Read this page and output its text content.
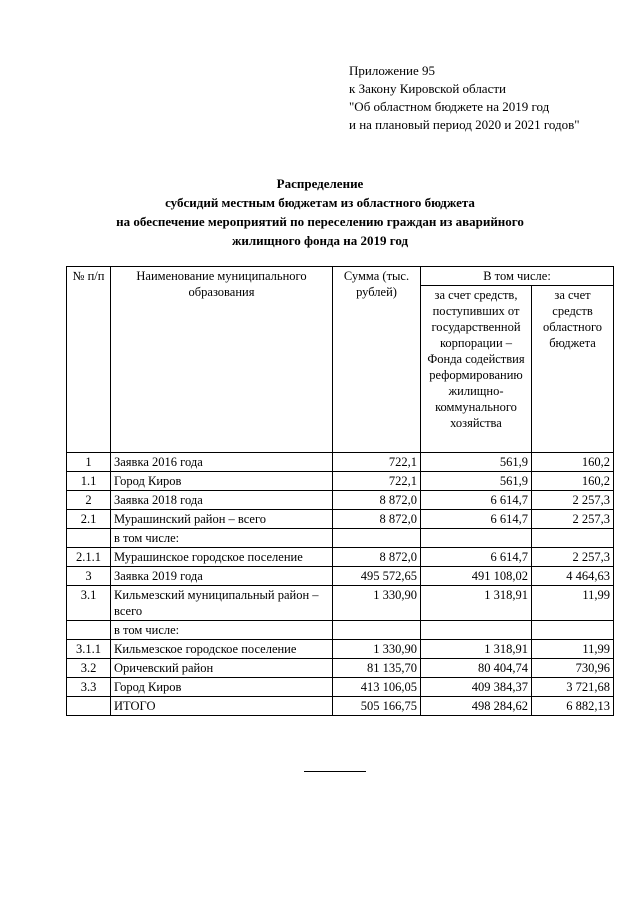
Приложение 95
к Закону Кировской области
"Об областном бюджете на 2019 год
и на плановый период 2020 и 2021 годов"
Распределение
субсидий местным бюджетам из областного бюджета
на обеспечение мероприятий по переселению граждан из аварийного
жилищного фонда на 2019 год
№ п/п	Наименование муниципального образования	Сумма (тыс. рублей)	В том числе:	
			за счет средств, поступивших от государственной корпорации – Фонда содействия реформированию жилищно-коммунального хозяйства	за счет средств областного бюджета
1	Заявка 2016 года	722,1	561,9	160,2
1.1	Город Киров	722,1	561,9	160,2
2	Заявка 2018 года	8 872,0	6 614,7	2 257,3
2.1	Мурашинский район – всего	8 872,0	6 614,7	2 257,3
	в том числе:			
2.1.1	Мурашинское городское поселение	8 872,0	6 614,7	2 257,3
3	Заявка 2019 года	495 572,65	491 108,02	4 464,63
3.1	Кильмезский муниципальный район – всего	1 330,90	1 318,91	11,99
	в том числе:			
3.1.1	Кильмезское городское поселение	1 330,90	1 318,91	11,99
3.2	Оричевский район	81 135,70	80 404,74	730,96
3.3	Город Киров	413 106,05	409 384,37	3 721,68
	ИТОГО	505 166,75	498 284,62	6 882,13
